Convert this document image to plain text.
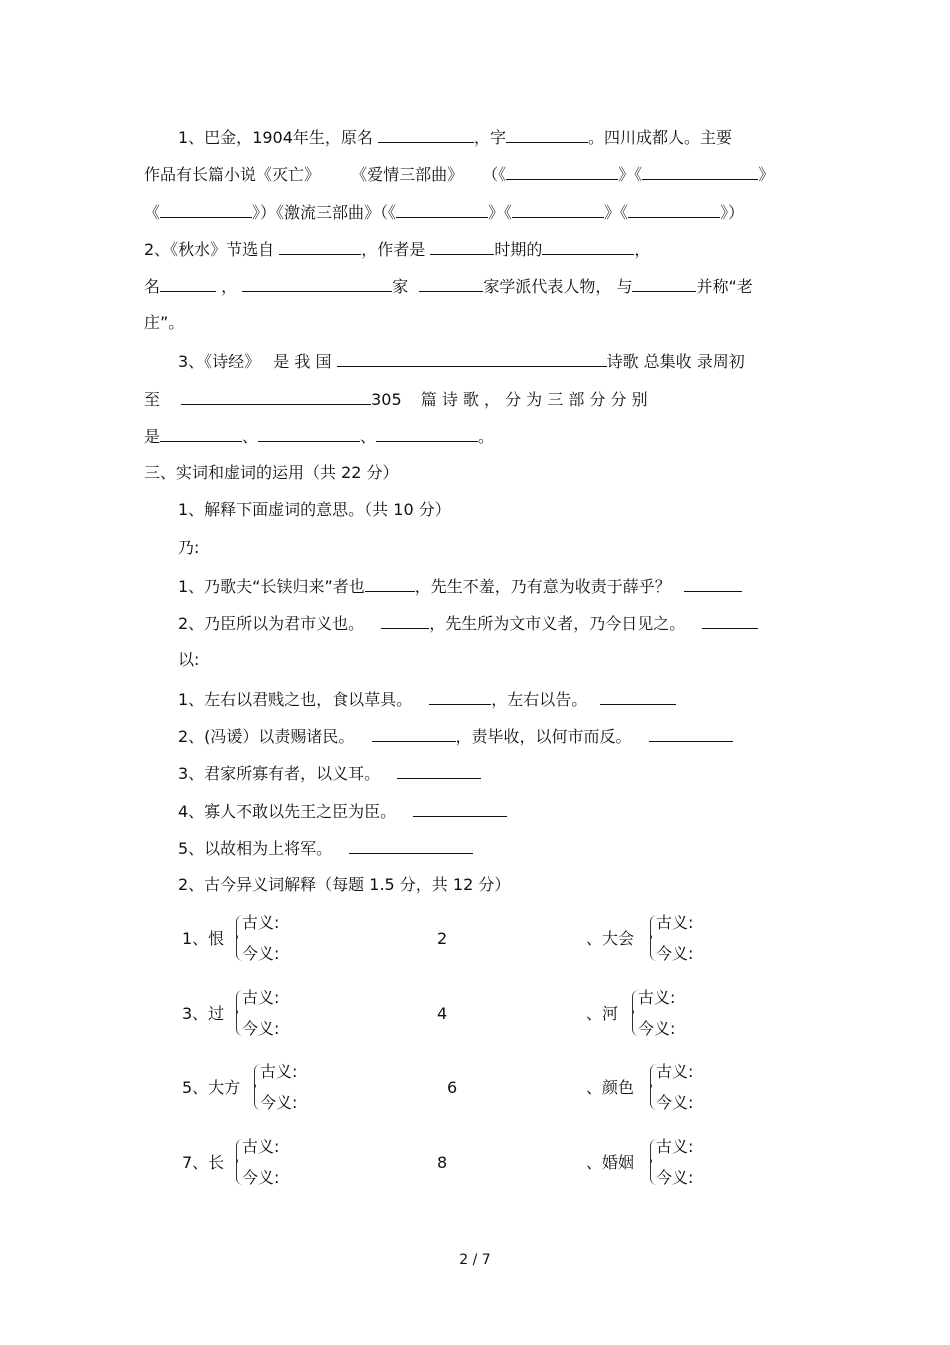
1、巴金，1904年生，原名	，字	。四川成都人。主要
作品有长篇小说《灭亡》 《爱情三部曲》 （《	》《	》
《	》）《激流三部曲》（《	》《	》《	》）
2、《秋水》节选自	，作者是	时期的	，
名	，	家	家学派代表人物， 与	并称“老
庄”。
3、《诗经》 是 我 国	诗歌 总集收 录周初
至	305 篇 诗 歌 ， 分 为 三 部 分 分 别
是	、	、	。
三、实词和虚词的运用（共 22 分）
1、解释下面虚词的意思。（共 10 分）
乃:
1、乃歌夫“长铗归来”者也	，先生不羞，乃有意为收责于薛乎？
2、乃臣所以为君市义也。	，先生所为文市义者，乃今日见之。
以:
1、左右以君贱之也，食以草具。	，左右以告。
2、(冯谖）以责赐诸民。	，责毕收，以何市而反。
3、君家所寡有者，以义耳。
4、寡人不敢以先王之臣为臣。
5、以故相为上将军。
2、古今异义词解释（每题 1.5 分，共 12 分）
1、恨
古义:
今义:
2	、大会
古义:
今义:
3、过
古义:
今义:
4	、河
古义:
今义:
5、大方
古义:
今义:
6	、颜色
古义:
今义:
7、长
古义:
今义:
8	、婚姻
古义:
今义:
2 / 7
